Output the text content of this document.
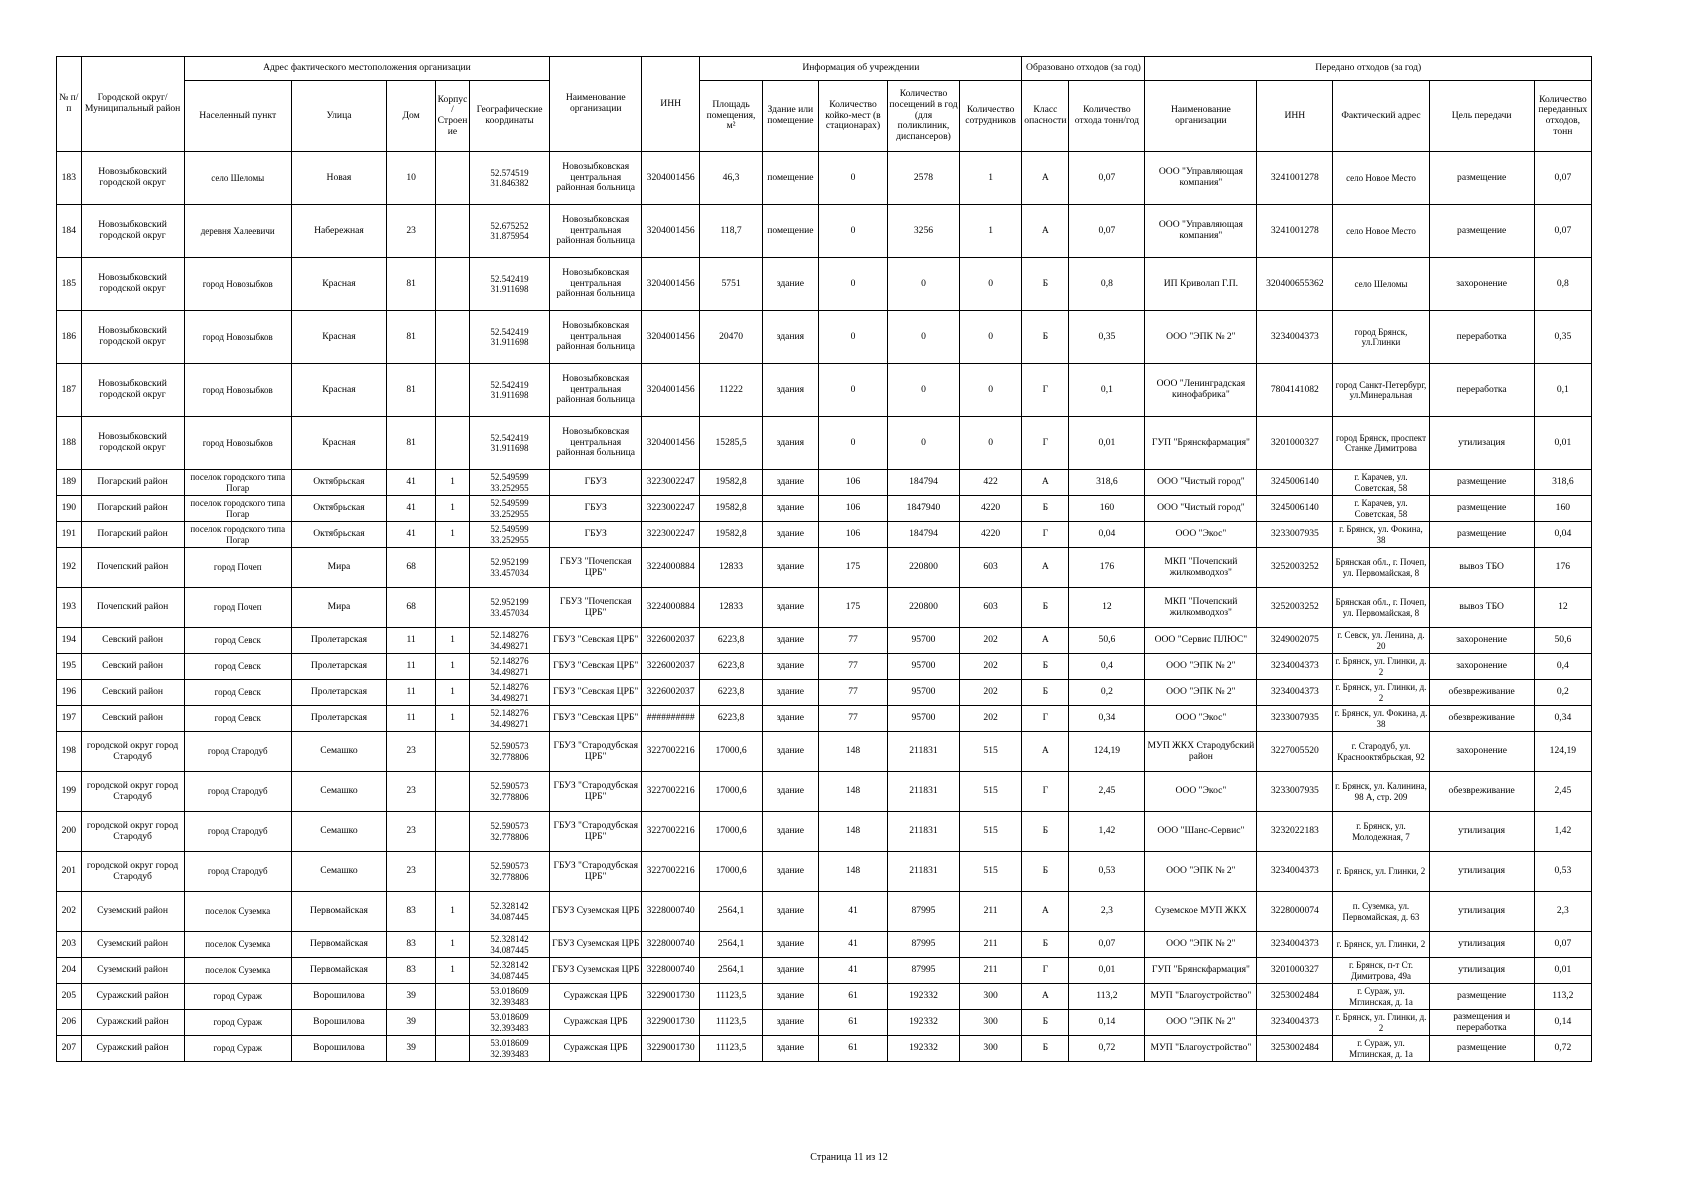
№ п/п	Городской округ/Муниципальный район	Адрес фактического местоположения организации					Наименование организации	ИНН	Информация об учреждении					Образовано отходов (за год)		Передано отходов (за год)				
		Населенный пункт	Улица	Дом	Корпус/ Строение	Географические координаты			Площадь помещения, м²	Здание или помещение	Количество койко-мест (в стационарах)	Количество посещений в год (для поликлиник, диспансеров)	Количество сотрудников	Класс опасности	Количество отхода тонн/год	Наименование организации	ИНН	Фактический адрес	Цель передачи	Количество переданных отходов, тонн
183	Новозыбковский городской округ	село Шеломы	Новая	10		52.574519 31.846382	Новозыбковская центральная районная больница	3204001456	46,3	помещение	0	2578	1	А	0,07	ООО "Управляющая компания"	3241001278	село Новое Место	размещение	0,07
184	Новозыбковский городской округ	деревня Халеевичи	Набережная	23		52.675252 31.875954	Новозыбковская центральная районная больница	3204001456	118,7	помещение	0	3256	1	А	0,07	ООО "Управляющая компания"	3241001278	село Новое Место	размещение	0,07
185	Новозыбковский городской округ	город Новозыбков	Красная	81		52.542419 31.911698	Новозыбковская центральная районная больница	3204001456	5751	здание	0	0	0	Б	0,8	ИП Криволап Г.П.	320400655362	село Шеломы	захоронение	0,8
186	Новозыбковский городской округ	город Новозыбков	Красная	81		52.542419 31.911698	Новозыбковская центральная районная больница	3204001456	20470	здания	0	0	0	Б	0,35	ООО "ЭПК № 2"	3234004373	город Брянск, ул.Глинки	переработка	0,35
187	Новозыбковский городской округ	город Новозыбков	Красная	81		52.542419 31.911698	Новозыбковская центральная районная больница	3204001456	11222	здания	0	0	0	Г	0,1	ООО "Ленинградская кинофабрика"	7804141082	город Санкт-Петербург, ул.Минеральная	переработка	0,1
188	Новозыбковский городской округ	город Новозыбков	Красная	81		52.542419 31.911698	Новозыбковская центральная районная больница	3204001456	15285,5	здания	0	0	0	Г	0,01	ГУП "Брянскфармация"	3201000327	город Брянск, проспект Станке Димитрова	утилизация	0,01
189	Погарский район	поселок городского типа Погар	Октябрьская	41	1	52.549599 33.252955	ГБУЗ	3223002247	19582,8	здание	106	184794	422	А	318,6	ООО "Чистый город"	3245006140	г. Карачев, ул. Советская, 58	размещение	318,6
190	Погарский район	поселок городского типа Погар	Октябрьская	41	1	52.549599 33.252955	ГБУЗ	3223002247	19582,8	здание	106	1847940	4220	Б	160	ООО "Чистый город"	3245006140	г. Карачев, ул. Советская, 58	размещение	160
191	Погарский район	поселок городского типа Погар	Октябрьская	41	1	52.549599 33.252955	ГБУЗ	3223002247	19582,8	здание	106	184794	4220	Г	0,04	ООО "Экос"	3233007935	г. Брянск, ул. Фокина, 38	размещение	0,04
192	Почепский район	город Почеп	Мира	68		52.952199 33.457034	ГБУЗ "Почепская ЦРБ"	3224000884	12833	здание	175	220800	603	А	176	МКП "Почепский жилкомводхоз"	3252003252	Брянская обл., г. Почеп, ул. Первомайская, 8	вывоз ТБО	176
193	Почепский район	город Почеп	Мира	68		52.952199 33.457034	ГБУЗ "Почепская ЦРБ"	3224000884	12833	здание	175	220800	603	Б	12	МКП "Почепский жилкомводхоз"	3252003252	Брянская обл., г. Почеп, ул. Первомайская, 8	вывоз ТБО	12
194	Севский район	город Севск	Пролетарская	11	1	52.148276 34.498271	ГБУЗ "Севская ЦРБ"	3226002037	6223,8	здание	77	95700	202	А	50,6	ООО "Сервис ПЛЮС"	3249002075	г. Севск, ул. Ленина, д. 20	захоронение	50,6
195	Севский район	город Севск	Пролетарская	11	1	52.148276 34.498271	ГБУЗ "Севская ЦРБ"	3226002037	6223,8	здание	77	95700	202	Б	0,4	ООО "ЭПК № 2"	3234004373	г. Брянск, ул. Глинки, д. 2	захоронение	0,4
196	Севский район	город Севск	Пролетарская	11	1	52.148276 34.498271	ГБУЗ "Севская ЦРБ"	3226002037	6223,8	здание	77	95700	202	Б	0,2	ООО "ЭПК № 2"	3234004373	г. Брянск, ул. Глинки, д. 2	обезвреживание	0,2
197	Севский район	город Севск	Пролетарская	11	1	52.148276 34.498271	ГБУЗ "Севская ЦРБ"	##########	6223,8	здание	77	95700	202	Г	0,34	ООО "Экос"	3233007935	г. Брянск, ул. Фокина, д. 38	обезвреживание	0,34
198	городской округ город Стародуб	город Стародуб	Семашко	23		52.590573 32.778806	ГБУЗ "Стародубская ЦРБ"	3227002216	17000,6	здание	148	211831	515	А	124,19	МУП ЖКХ Стародубский район	3227005520	г. Стародуб, ул. Краснооктябрьская, 92	захоронение	124,19
199	городской округ город Стародуб	город Стародуб	Семашко	23		52.590573 32.778806	ГБУЗ "Стародубская ЦРБ"	3227002216	17000,6	здание	148	211831	515	Г	2,45	ООО "Экос"	3233007935	г. Брянск, ул. Калинина, 98 А, стр. 209	обезвреживание	2,45
200	городской округ город Стародуб	город Стародуб	Семашко	23		52.590573 32.778806	ГБУЗ "Стародубская ЦРБ"	3227002216	17000,6	здание	148	211831	515	Б	1,42	ООО "Шанс-Сервис"	3232022183	г. Брянск, ул. Молодежная, 7	утилизация	1,42
201	городской округ город Стародуб	город Стародуб	Семашко	23		52.590573 32.778806	ГБУЗ "Стародубская ЦРБ"	3227002216	17000,6	здание	148	211831	515	Б	0,53	ООО "ЭПК № 2"	3234004373	г. Брянск, ул. Глинки, 2	утилизация	0,53
202	Суземский район	поселок Суземка	Первомайская	83	1	52.328142 34.087445	ГБУЗ Суземская ЦРБ	3228000740	2564,1	здание	41	87995	211	А	2,3	Суземское МУП ЖКХ	3228000074	п. Суземка, ул. Первомайская, д. 63	утилизация	2,3
203	Суземский район	поселок Суземка	Первомайская	83	1	52.328142 34.087445	ГБУЗ Суземская ЦРБ	3228000740	2564,1	здание	41	87995	211	Б	0,07	ООО "ЭПК № 2"	3234004373	г. Брянск, ул. Глинки, 2	утилизация	0,07
204	Суземский район	поселок Суземка	Первомайская	83	1	52.328142 34.087445	ГБУЗ Суземская ЦРБ	3228000740	2564,1	здание	41	87995	211	Г	0,01	ГУП "Брянскфармация"	3201000327	г. Брянск, п-т Ст. Димитрова, 49а	утилизация	0,01
205	Суражский район	город Сураж	Ворошилова	39		53.018609 32.393483	Суражская ЦРБ	3229001730	11123,5	здание	61	192332	300	А	113,2	МУП "Благоустройство"	3253002484	г. Сураж, ул. Мглинская, д. 1а	размещение	113,2
206	Суражский район	город Сураж	Ворошилова	39		53.018609 32.393483	Суражская ЦРБ	3229001730	11123,5	здание	61	192332	300	Б	0,14	ООО "ЭПК № 2"	3234004373	г. Брянск, ул. Глинки, д. 2	размещения и переработка	0,14
207	Суражский район	город Сураж	Ворошилова	39		53.018609 32.393483	Суражская ЦРБ	3229001730	11123,5	здание	61	192332	300	Б	0,72	МУП "Благоустройство"	3253002484	г. Сураж, ул. Мглинская, д. 1а	размещение	0,72
Страница 11 из 12
